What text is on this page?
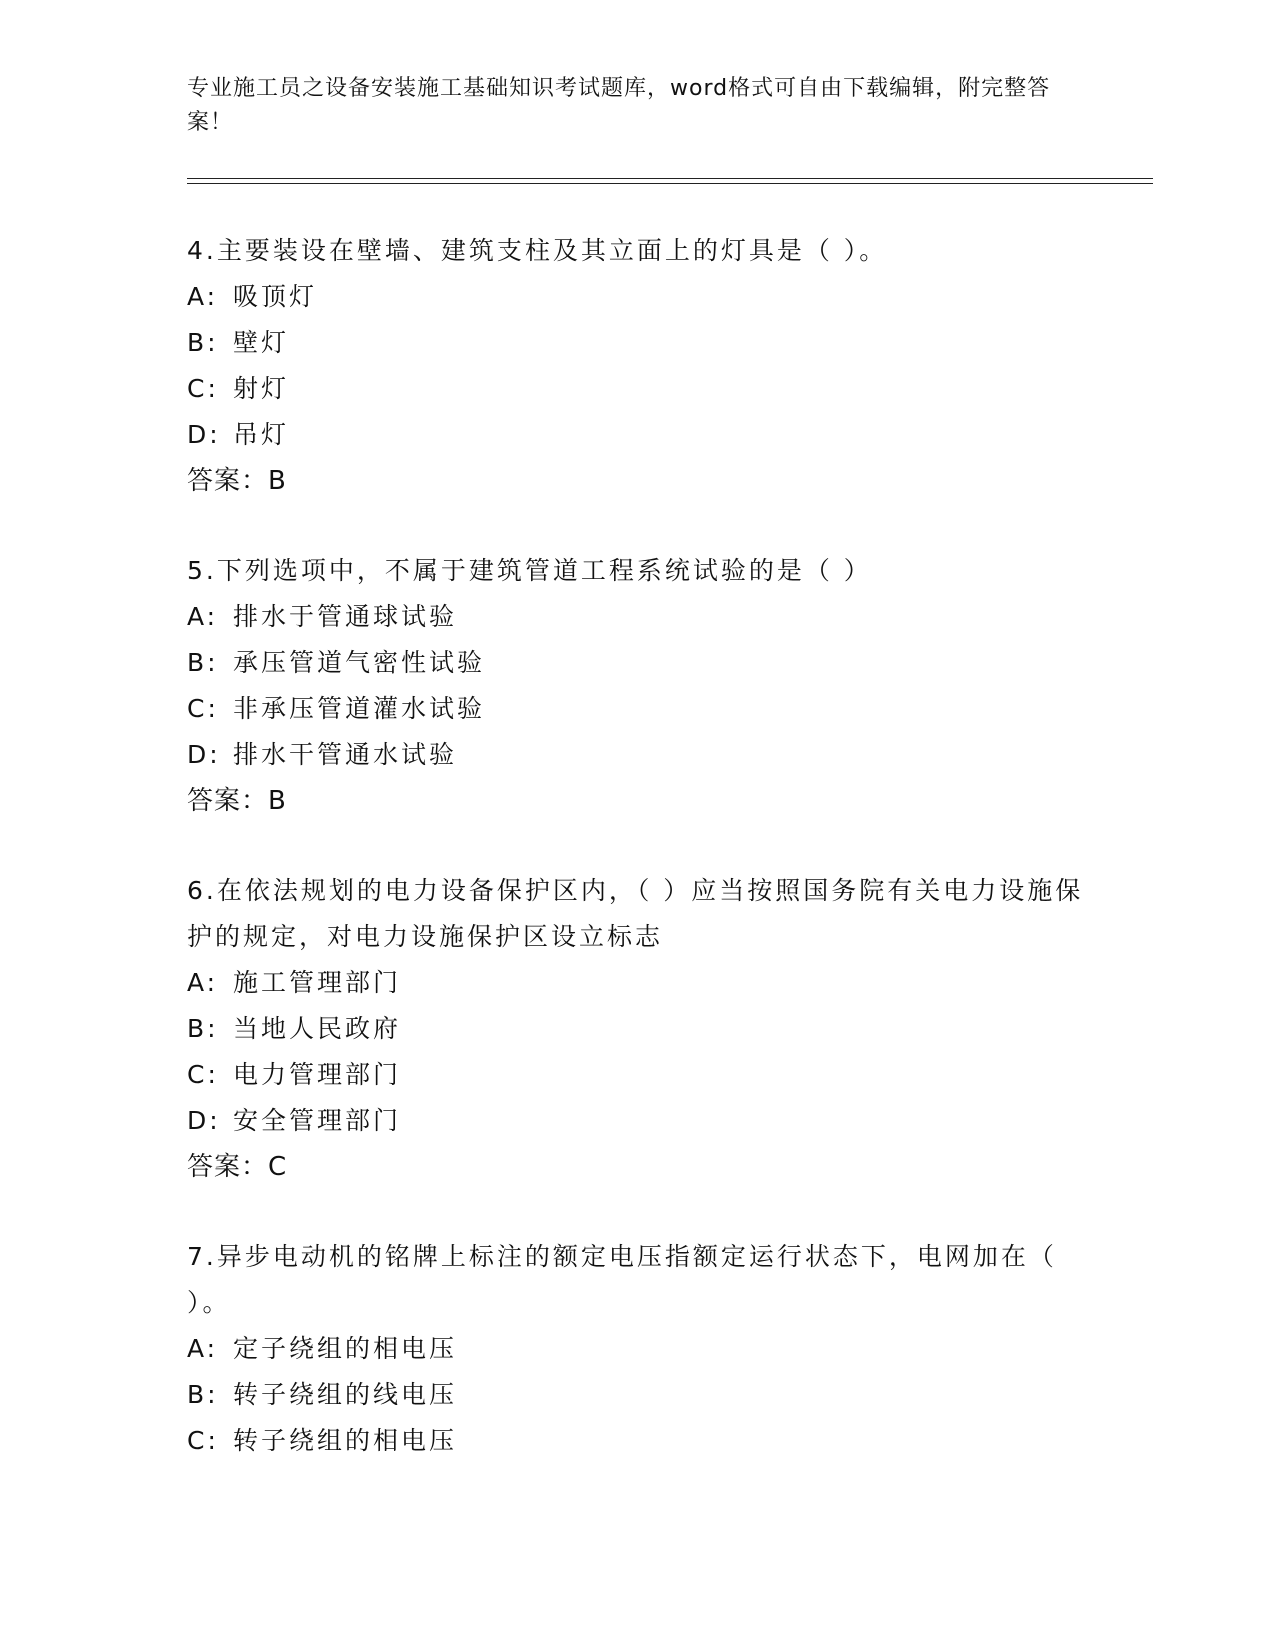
专业施工员之设备安装施工基础知识考试题库，word格式可自由下载编辑，附完整答案！

4.主要装设在壁墙、建筑支柱及其立面上的灯具是（ ）。

A: 吸顶灯
B: 壁灯
C: 射灯
D: 吊灯
答案：B

5.下列选项中，不属于建筑管道工程系统试验的是（ ）

A: 排水于管通球试验
B: 承压管道气密性试验
C: 非承压管道灌水试验
D: 排水干管通水试验
答案：B

6.在依法规划的电力设备保护区内，（ ）应当按照国务院有关电力设施保护的规定，对电力设施保护区设立标志

A: 施工管理部门
B: 当地人民政府
C: 电力管理部门
D: 安全管理部门
答案：C

7.异步电动机的铭牌上标注的额定电压指额定运行状态下，电网加在（ ）。

A: 定子绕组的相电压
B: 转子绕组的线电压
C: 转子绕组的相电压
